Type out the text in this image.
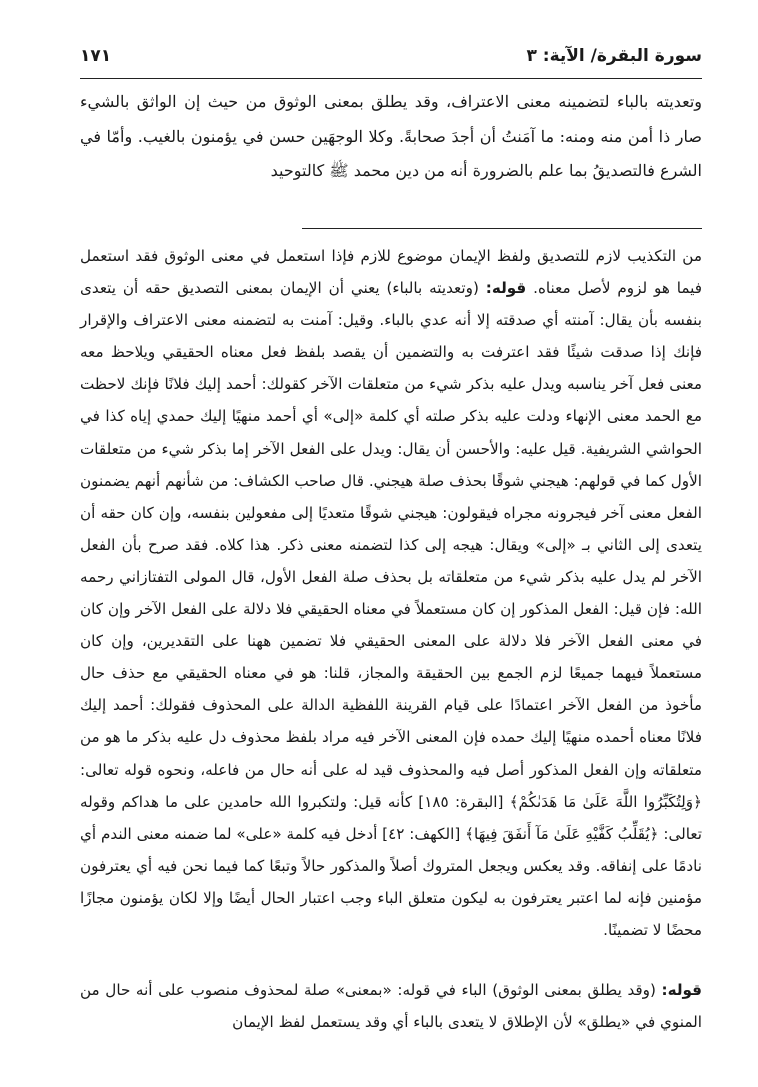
سورة البقرة/ الآية: ٣
١٧١

وتعديته بالباء لتضمينه معنى الاعتراف، وقد يطلق بمعنى الوثوق من حيث إن الواثق بالشيء صار ذا أمن منه ومنه: ما آمَنتُ أن أجدَ صحابةً. وكلا الوجهَين حسن في يؤمنون بالغيب. وأمّا في الشرع فالتصديقُ بما علم بالضرورة أنه من دين محمد ﷺ كالتوحيد

من التكذيب لازم للتصديق ولفظ الإيمان موضوع للازم فإذا استعمل في معنى الوثوق فقد استعمل فيما هو لزوم لأصل معناه. قوله: (وتعديته بالباء) يعني أن الإيمان بمعنى التصديق حقه أن يتعدى بنفسه بأن يقال: آمنته أي صدقته إلا أنه عدي بالباء. وقيل: آمنت به لتضمنه معنى الاعتراف والإقرار فإنك إذا صدقت شيئًا فقد اعترفت به والتضمين أن يقصد بلفظ فعل معناه الحقيقي ويلاحظ معه معنى فعل آخر يناسبه ويدل عليه بذكر شيء من متعلقات الآخر كقولك: أحمد إليك فلانًا فإنك لاحظت مع الحمد معنى الإنهاء ودلت عليه بذكر صلته أي كلمة «إلى» أي أحمد منهيًا إليك حمدي إياه كذا في الحواشي الشريفية. قيل عليه: والأحسن أن يقال: ويدل على الفعل الآخر إما بذكر شيء من متعلقات الأول كما في قولهم: هيجني شوقًا بحذف صلة هيجني. قال صاحب الكشاف: من شأنهم أنهم يضمنون الفعل معنى آخر فيجرونه مجراه فيقولون: هيجني شوقًا متعديًا إلى مفعولين بنفسه، وإن كان حقه أن يتعدى إلى الثاني بـ «إلى» ويقال: هيجه إلى كذا لتضمنه معنى ذكر. هذا كلاه. فقد صرح بأن الفعل الآخر لم يدل عليه بذكر شيء من متعلقاته بل بحذف صلة الفعل الأول، قال المولى التفتازاني رحمه الله: فإن قيل: الفعل المذكور إن كان مستعملاً في معناه الحقيقي فلا دلالة على الفعل الآخر وإن كان في معنى الفعل الآخر فلا دلالة على المعنى الحقيقي فلا تضمين ههنا على التقديرين، وإن كان مستعملاً فيهما جميعًا لزم الجمع بين الحقيقة والمجاز، قلنا: هو في معناه الحقيقي مع حذف حال مأخوذ من الفعل الآخر اعتمادًا على قيام القرينة اللفظية الدالة على المحذوف فقولك: أحمد إليك فلانًا معناه أحمده منهيًا إليك حمده فإن المعنى الآخر فيه مراد بلفظ محذوف دل عليه بذكر ما هو من متعلقاته وإن الفعل المذكور أصل فيه والمحذوف قيد له على أنه حال من فاعله، ونحوه قوله تعالى: ﴿وَلِتُكَبِّرُوا اللَّهَ عَلَىٰ مَا هَدَىٰكُمْ﴾ [البقرة: ١٨٥] كأنه قيل: ولتكبروا الله حامدين على ما هداكم وقوله تعالى: ﴿يُقَلِّبُ كَفَّيْهِ عَلَىٰ مَآ أَنفَقَ فِيهَا﴾ [الكهف: ٤٢] أدخل فيه كلمة «على» لما ضمنه معنى الندم أي نادمًا على إنفاقه. وقد يعكس ويجعل المتروك أصلاً والمذكور حالاً وتبعًا كما فيما نحن فيه أي يعترفون مؤمنين فإنه لما اعتبر يعترفون به ليكون متعلق الباء وجب اعتبار الحال أيضًا وإلا لكان يؤمنون مجازًا محضًا لا تضمينًا.

قوله: (وقد يطلق بمعنى الوثوق) الباء في قوله: «بمعنى» صلة لمحذوف منصوب على أنه حال من المنوي في «يطلق» لأن الإطلاق لا يتعدى بالباء أي وقد يستعمل لفظ الإيمان
